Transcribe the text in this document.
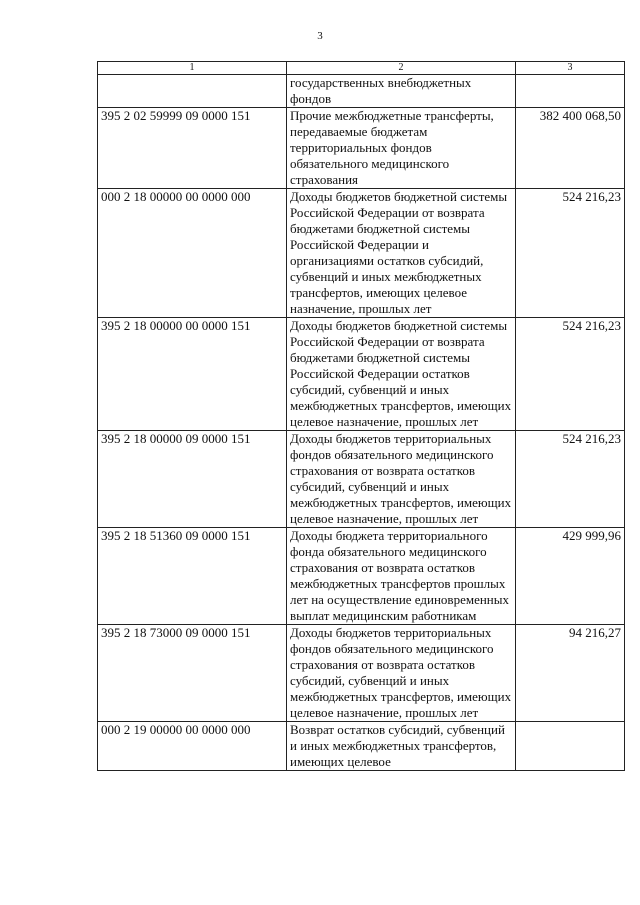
3
1	2	3
	государственных внебюджетных фондов	
395 2 02 59999 09 0000 151	Прочие межбюджетные трансферты, передаваемые бюджетам территориальных фондов обязательного медицинского страхования	382 400 068,50
000 2 18 00000 00 0000 000	Доходы бюджетов бюджетной системы Российской Федерации от возврата бюджетами бюджетной системы Российской Федерации и организациями остатков субсидий, субвенций и иных межбюджетных трансфертов, имеющих целевое назначение, прошлых лет	524 216,23
395 2 18 00000 00 0000 151	Доходы бюджетов бюджетной системы Российской Федерации от возврата бюджетами бюджетной системы Российской Федерации остатков субсидий, субвенций и иных межбюджетных трансфертов, имеющих целевое назначение, прошлых лет	524 216,23
395 2 18 00000 09 0000 151	Доходы бюджетов территориальных фондов обязательного медицинского страхования от возврата остатков субсидий, субвенций и иных межбюджетных трансфертов, имеющих целевое назначение, прошлых лет	524 216,23
395 2 18 51360 09 0000 151	Доходы бюджета территориального фонда обязательного медицинского страхования от возврата остатков межбюджетных трансфертов прошлых лет на осуществление единовременных выплат медицинским работникам	429 999,96
395 2 18 73000 09 0000 151	Доходы бюджетов территориальных фондов обязательного медицинского страхования от возврата остатков субсидий, субвенций и иных межбюджетных трансфертов, имеющих целевое назначение, прошлых лет	94 216,27
000 2 19 00000 00 0000 000	Возврат остатков субсидий, субвенций и иных межбюджетных трансфертов, имеющих целевое	
